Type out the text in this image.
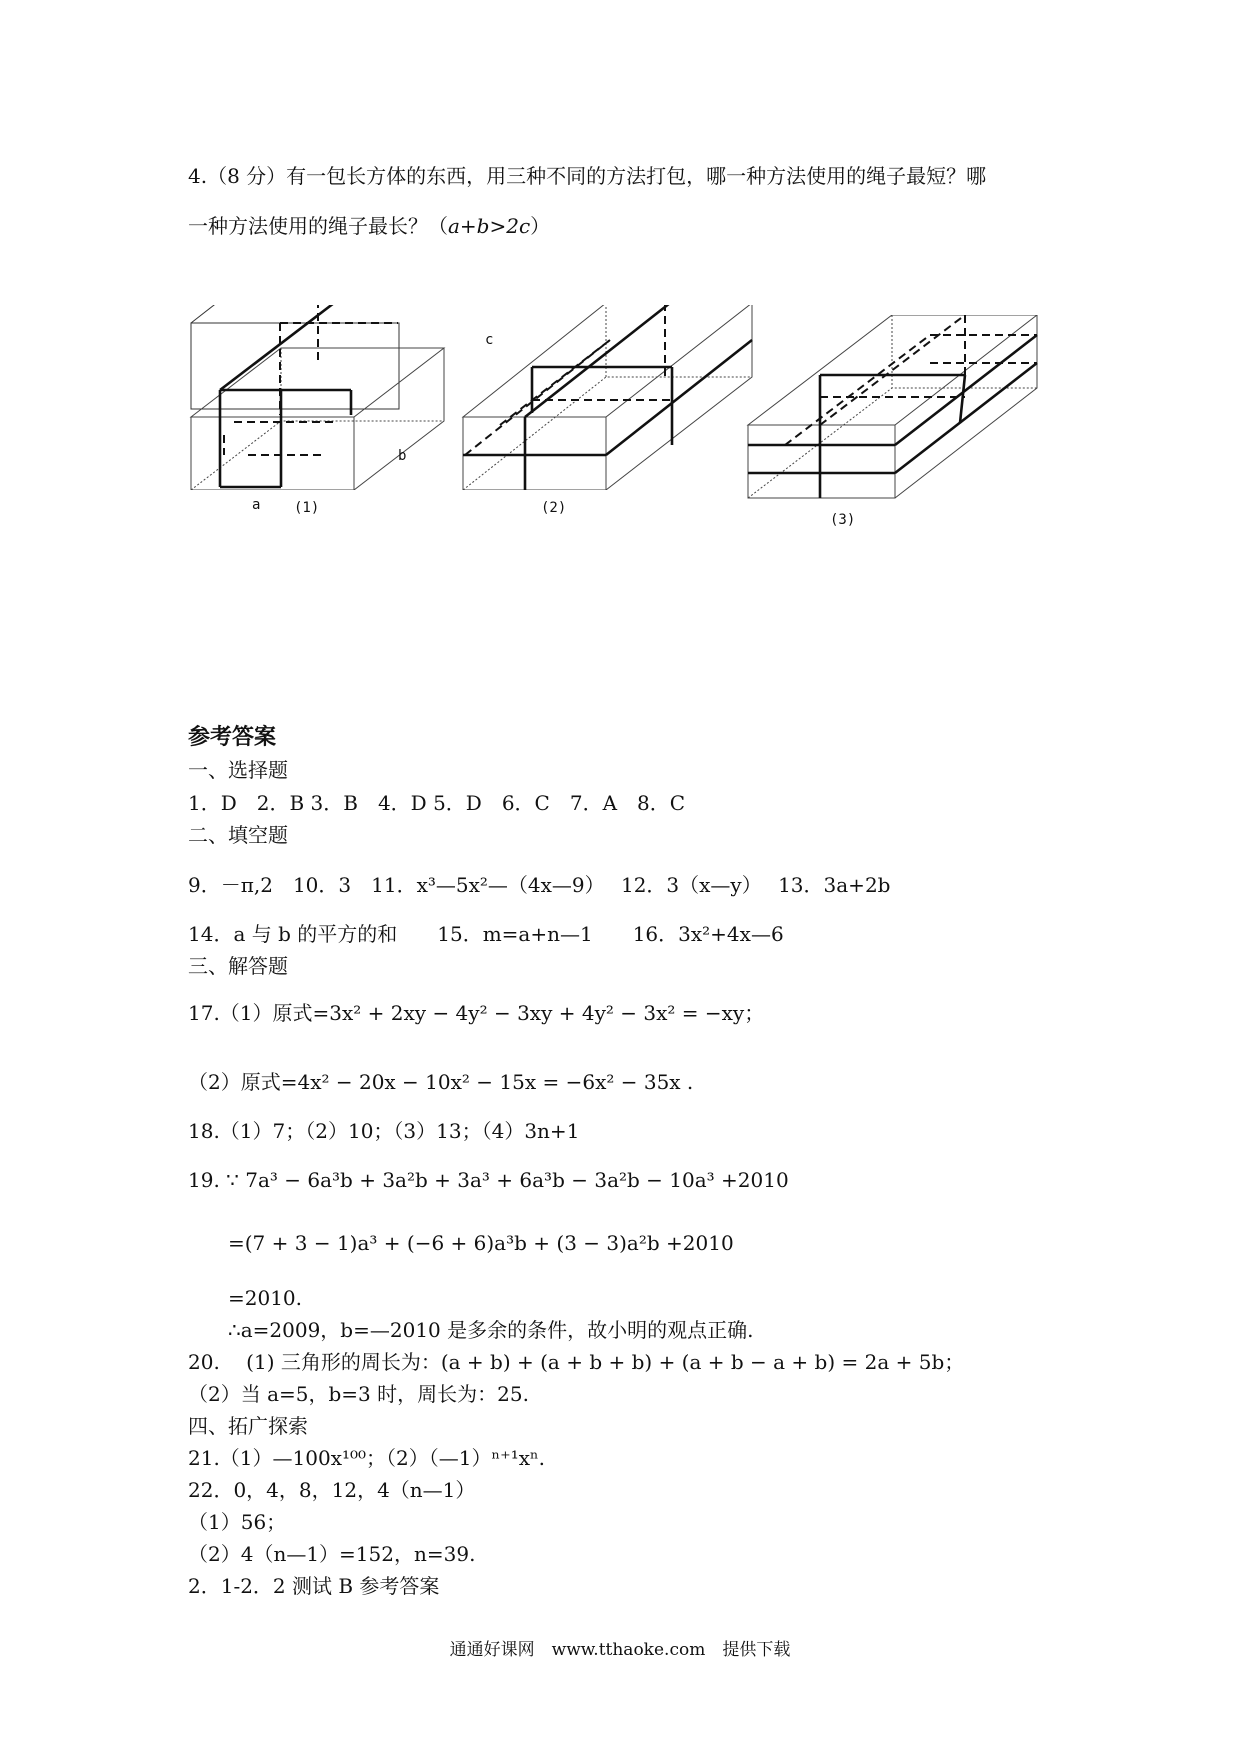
4.（8 分）有一包长方体的东西，用三种不同的方法打包，哪一种方法使用的绳子最短？哪
一种方法使用的绳子最长？（a+b>2c）
a
b
c
(1)	(2)
(3)
参考答案
一、选择题
1．D　2．B 3．B　4．D 5．D　6．C　7．A　8．C
二、填空题
9．－π,2　10．3　11．x³—5x²—（4x—9）　 12．3（x—y）　 13．3a+2b
14．a 与 b 的平方的和　　15．m=a+n—1　　16．3x²+4x—6
三、解答题
17.（1）原式=3x² + 2xy − 4y² − 3xy + 4y² − 3x² = −xy；
（2）原式=4x² − 20x − 10x² − 15x = −6x² − 35x .
18.（1）7；（2）10；（3）13；（4）3n+1
19. ∵ 7a³ − 6a³b + 3a²b + 3a³ + 6a³b − 3a²b − 10a³ +2010
=(7 + 3 − 1)a³ + (−6 + 6)a³b + (3 − 3)a²b +2010
=2010.
∴a=2009，b=—2010 是多余的条件，故小明的观点正确.
20.　 (1) 三角形的周长为：(a + b) + (a + b + b) + (a + b − a + b) = 2a + 5b；
（2）当 a=5，b=3 时，周长为：25.
四、拓广探索
21.（1）—100x¹⁰⁰；（2）（—1）ⁿ⁺¹xⁿ.
22．0，4，8，12，4（n—1）
（1）56；
（2）4（n—1）=152，n=39.
2．1-2．2 测试 B 参考答案
通通好课网　www.tthaoke.com　提供下载
